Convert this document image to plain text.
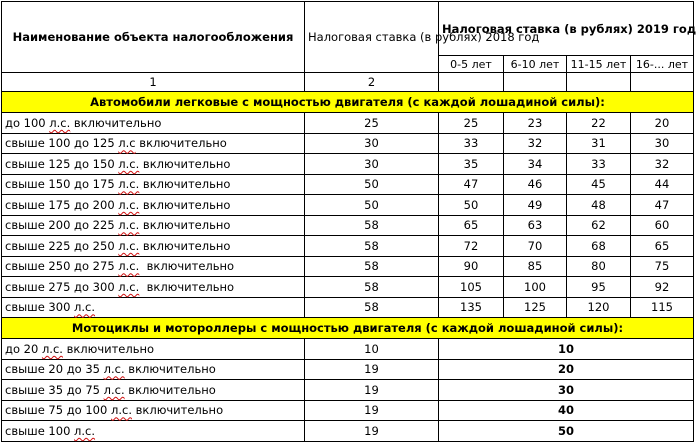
Наименование объекта налогообложения	Налоговая ставка (в рублях) 2018 год	Налоговая ставка (в рублях) 2019 год			
		0-5 лет	6-10 лет	11-15 лет	16-... лет
1	2				
Автомобили легковые с мощностью двигателя (с каждой лошадиной силы):					
до 100 л.с. включительно	25	25	23	22	20
свыше 100 до 125 л.с включительно	30	33	32	31	30
свыше 125 до 150 л.с. включительно	30	35	34	33	32
свыше 150 до 175 л.с. включительно	50	47	46	45	44
свыше 175 до 200 л.с. включительно	50	50	49	48	47
свыше 200 до 225 л.с. включительно	58	65	63	62	60
свыше 225 до 250 л.с. включительно	58	72	70	68	65
свыше 250 до 275 л.с.  включительно	58	90	85	80	75
свыше 275 до 300 л.с.  включительно	58	105	100	95	92
свыше 300 л.с.	58	135	125	120	115
Мотоциклы и мотороллеры с мощностью двигателя (с каждой лошадиной силы):					
до 20 л.с. включительно	10	10			
свыше 20 до 35 л.с. включительно	19	20			
свыше 35 до 75 л.с. включительно	19	30			
свыше 75 до 100 л.с. включительно	19	40			
свыше 100 л.с.	19	50			
